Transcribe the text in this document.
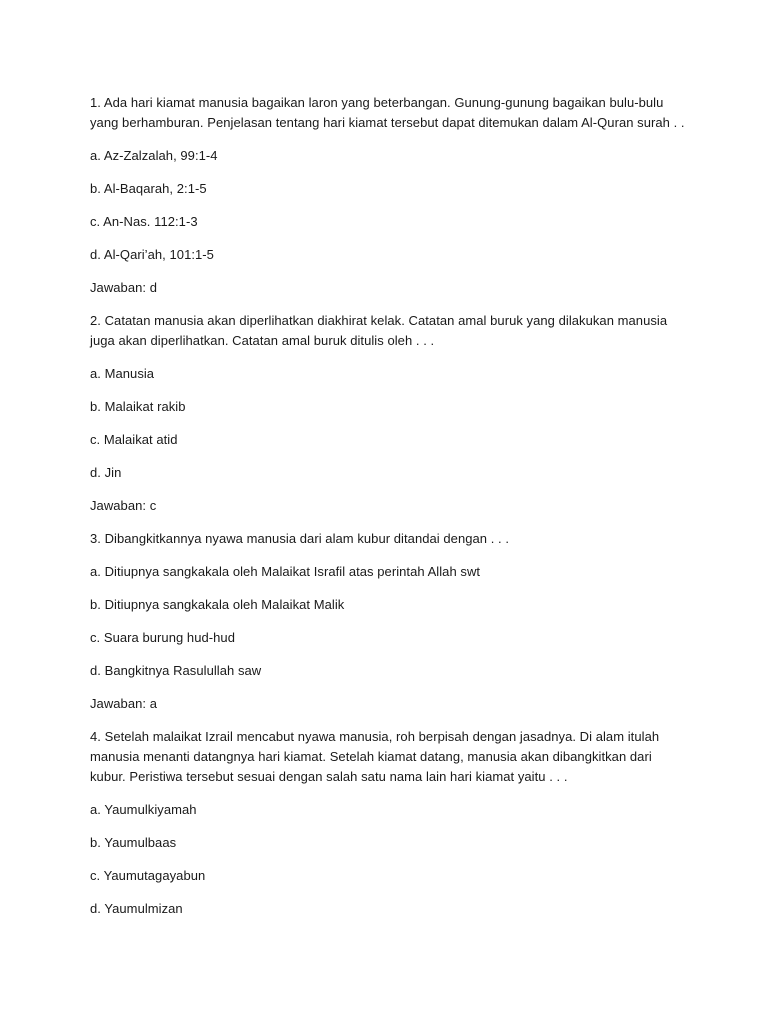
1. Ada hari kiamat manusia bagaikan laron yang beterbangan. Gunung-gunung bagaikan bulu-bulu yang berhamburan. Penjelasan tentang hari kiamat tersebut dapat ditemukan dalam Al-Quran surah . .

a. Az-Zalzalah, 99:1-4

b. Al-Baqarah, 2:1-5

c. An-Nas. 112:1-3

d. Al-Qari’ah, 101:1-5

Jawaban: d

2. Catatan manusia akan diperlihatkan diakhirat kelak. Catatan amal buruk yang dilakukan manusia juga akan diperlihatkan. Catatan amal buruk ditulis oleh . . .

a. Manusia

b. Malaikat rakib

c. Malaikat atid

d. Jin

Jawaban: c

3. Dibangkitkannya nyawa manusia dari alam kubur ditandai dengan . . .

a. Ditiupnya sangkakala oleh Malaikat Israfil atas perintah Allah swt

b. Ditiupnya sangkakala oleh Malaikat Malik

c. Suara burung hud-hud

d. Bangkitnya Rasulullah saw

Jawaban: a

4. Setelah malaikat Izrail mencabut nyawa manusia, roh berpisah dengan jasadnya. Di alam itulah manusia menanti datangnya hari kiamat. Setelah kiamat datang, manusia akan dibangkitkan dari kubur. Peristiwa tersebut sesuai dengan salah satu nama lain hari kiamat yaitu . . .

a. Yaumulkiyamah

b. Yaumulbaas

c. Yaumutagayabun

d. Yaumulmizan
